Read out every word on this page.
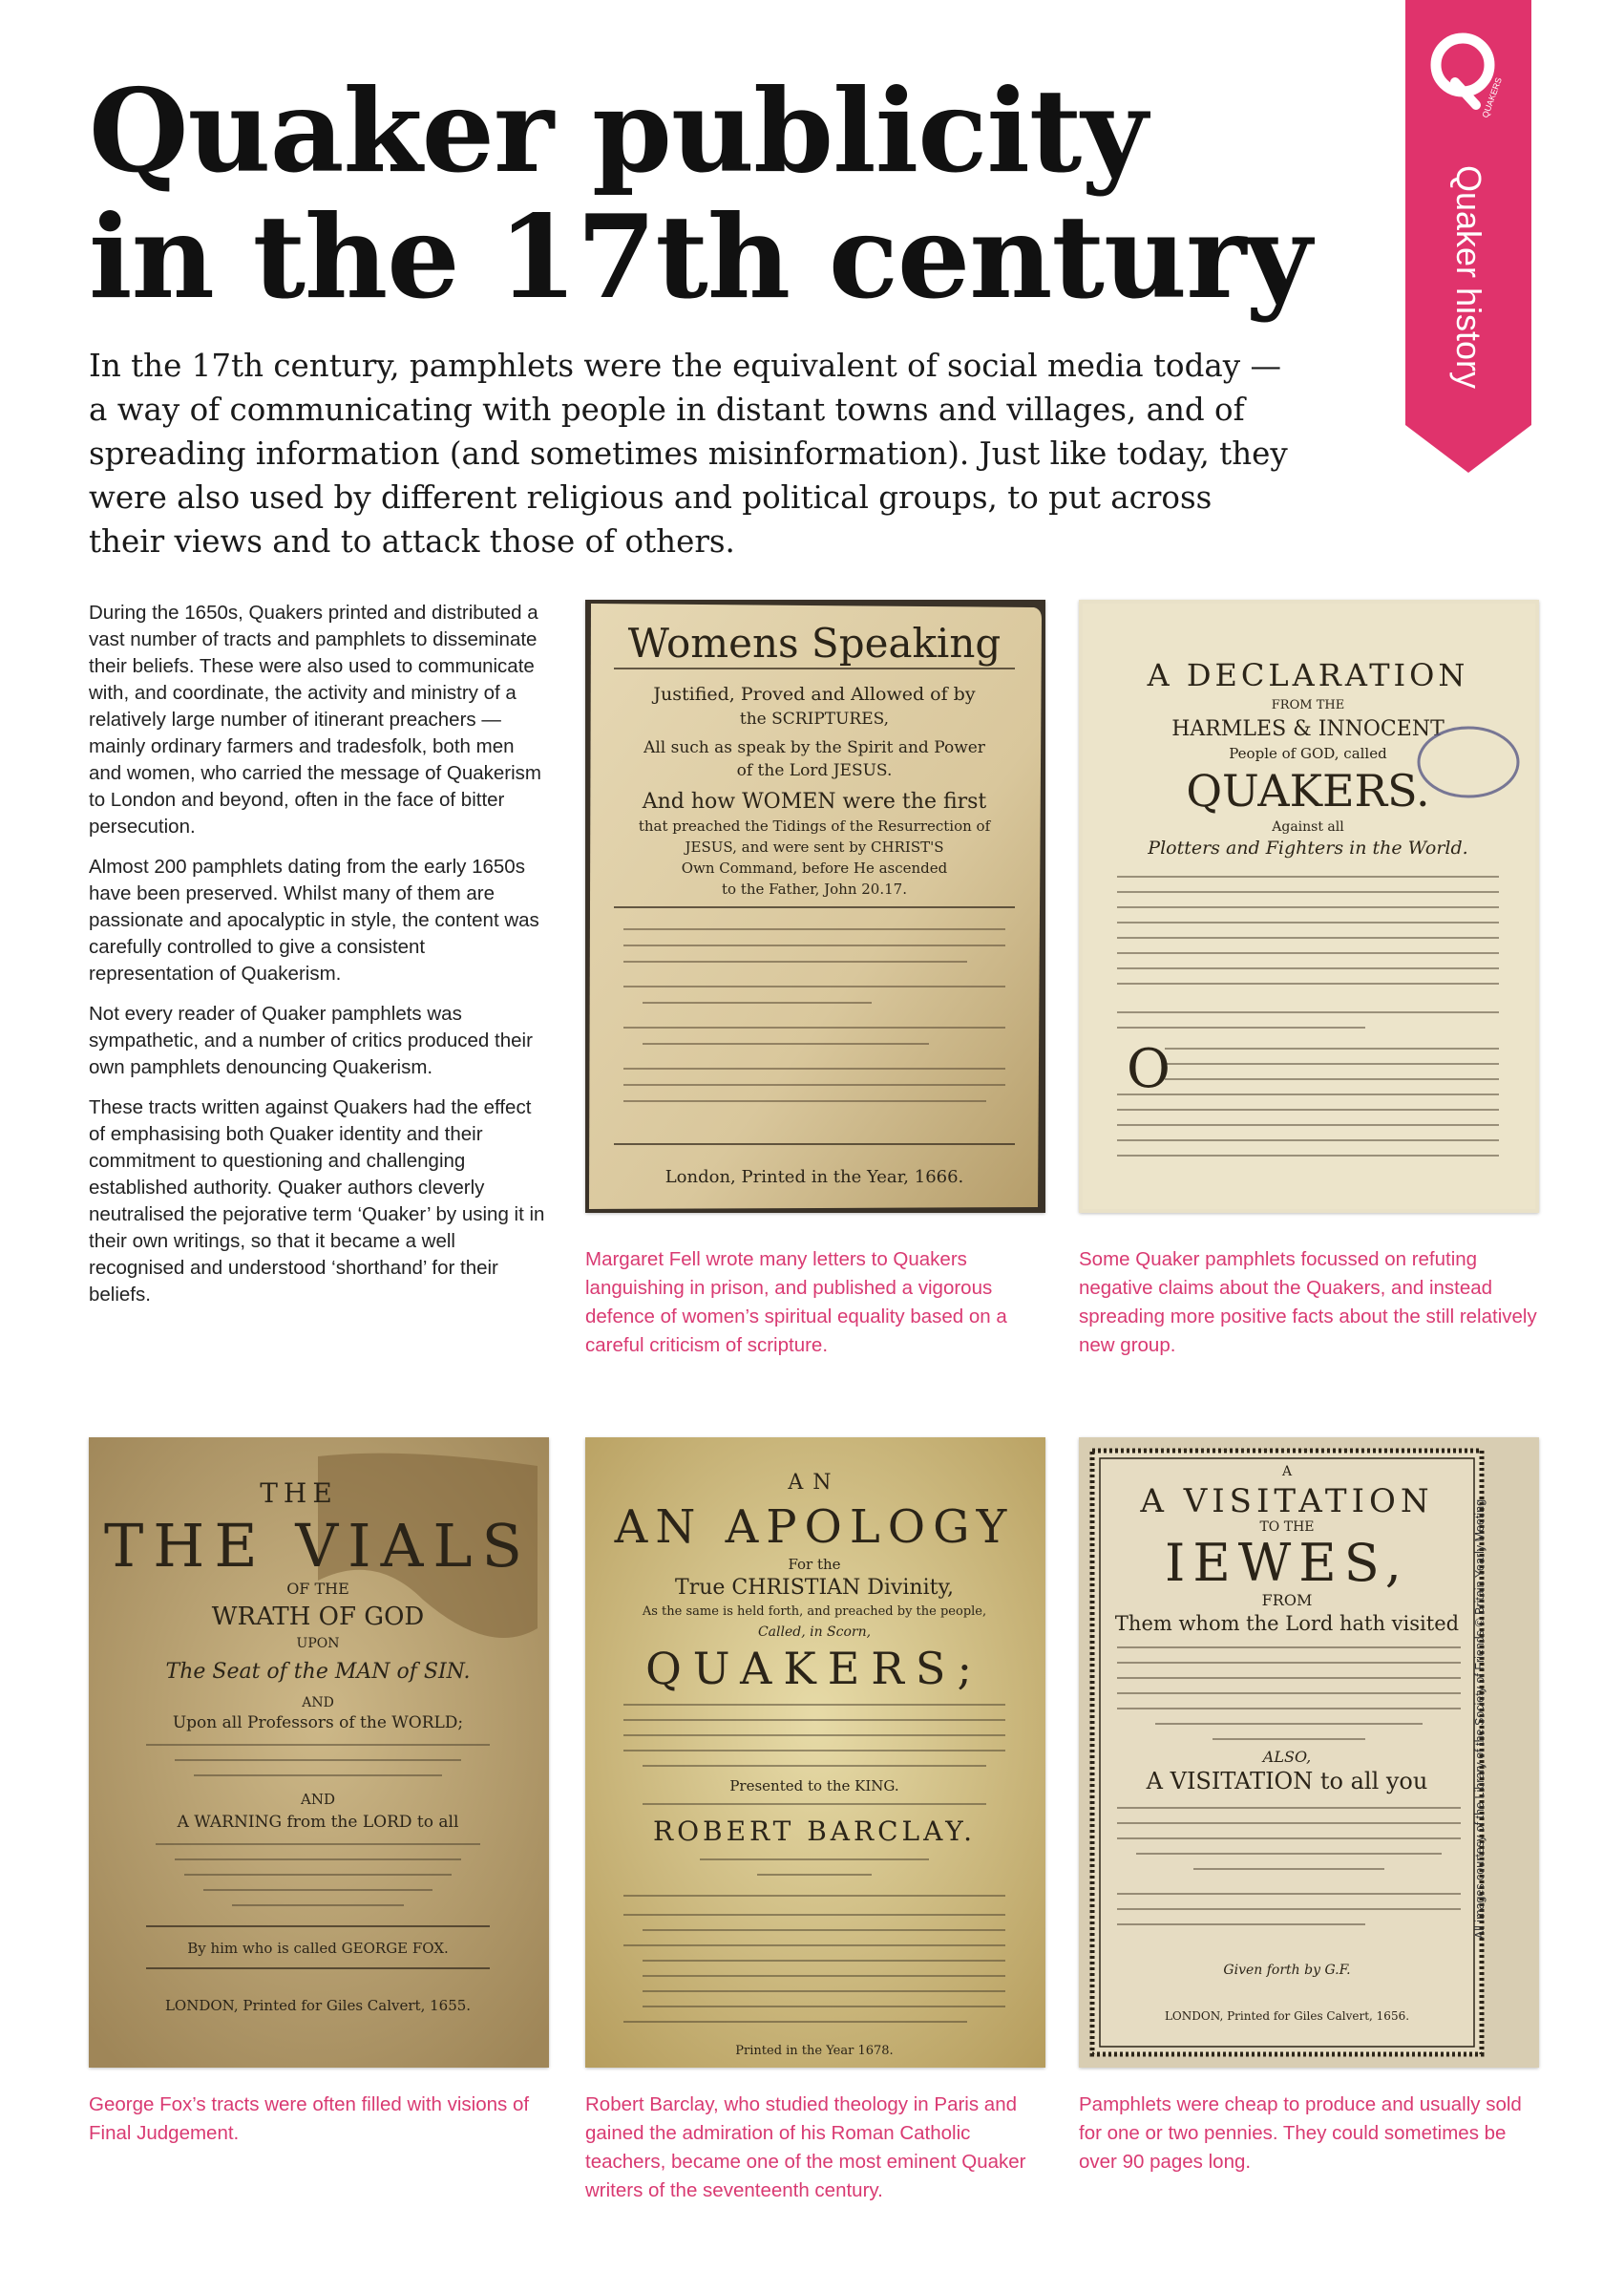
Quaker publicity
in the 17th century
QUAKERS
Quaker history

In the 17th century, pamphlets were the equivalent of social media today — a way of communicating with people in distant towns and villages, and of spreading information (and sometimes misinformation). Just like today, they were also used by different religious and political groups, to put across their views and to attack those of others.

During the 1650s, Quakers printed and distributed a vast number of tracts and pamphlets to disseminate their beliefs. These were also used to communicate with, and coordinate, the activity and ministry of a relatively large number of itinerant preachers — mainly ordinary farmers and tradesfolk, both men and women, who carried the message of Quakerism to London and beyond, often in the face of bitter persecution.

Almost 200 pamphlets dating from the early 1650s have been preserved. Whilst many of them are passionate and apocalyptic in style, the content was carefully controlled to give a consistent representation of Quakerism.

Not every reader of Quaker pamphlets was sympathetic, and a number of critics produced their own pamphlets denouncing Quakerism.

These tracts written against Quakers had the effect of emphasising both Quaker identity and their commitment to questioning and challenging established authority. Quaker authors cleverly neutralised the pejorative term ‘Quaker’ by using it in their own writings, so that it became a well recognised and understood ‘shorthand’ for their beliefs.

Womens Speaking
Justified, Proved and Allowed of by
the SCRIPTURES,
All such as speak by the Spirit and Power
of the Lord JESUS.
And how WOMEN were the first
that preached the Tidings of the Resurrection of
JESUS, and were sent by CHRIST'S
Own Command, before He ascended
to the Father, John 20.17.
London, Printed in the Year, 1666.
Margaret Fell wrote many letters to Quakers languishing in prison, and published a vigorous defence of women’s spiritual equality based on a careful criticism of scripture.
A DECLARATION
FROM THE
HARMLES & INNOCENT
People of GOD, called
QUAKERS.
Against all
Plotters and Fighters in the World.
O
Some Quaker pamphlets focussed on refuting negative claims about the Quakers, and instead spreading more positive facts about the still relatively new group.
THE
THE VIALS
OF THE
WRATH OF GOD
UPON
The Seat of the MAN of SIN.
AND
Upon all Professors of the WORLD;
AND
A WARNING from the LORD to all
By him who is called GEORGE FOX.
LONDON, Printed for Giles Calvert, 1655.
George Fox’s tracts were often filled with visions of Final Judgement.
AN
AN APOLOGY
For the
True CHRISTIAN Divinity,
As the same is held forth, and preached by the people,
Called, in Scorn,
QUAKERS;
Presented to the KING.
ROBERT BARCLAY.
Printed in the Year 1678.
Robert Barclay, who studied theology in Paris and gained the admiration of his Roman Catholic teachers, became one of the most eminent Quaker writers of the seventeenth century.
A
A VISITATION
TO THE
IEWES,
FROM
Them whom the Lord hath visited
ALSO,
A VISITATION to all you
Given forth by G.F.
LONDON, Printed for Giles Calvert, 1656.
Pamphlets were cheap to produce and usually sold for one or two pennies. They could sometimes be over 90 pages long.
All images courtesy of the Library of the Society of Friends © Britain Yearly Meeting
